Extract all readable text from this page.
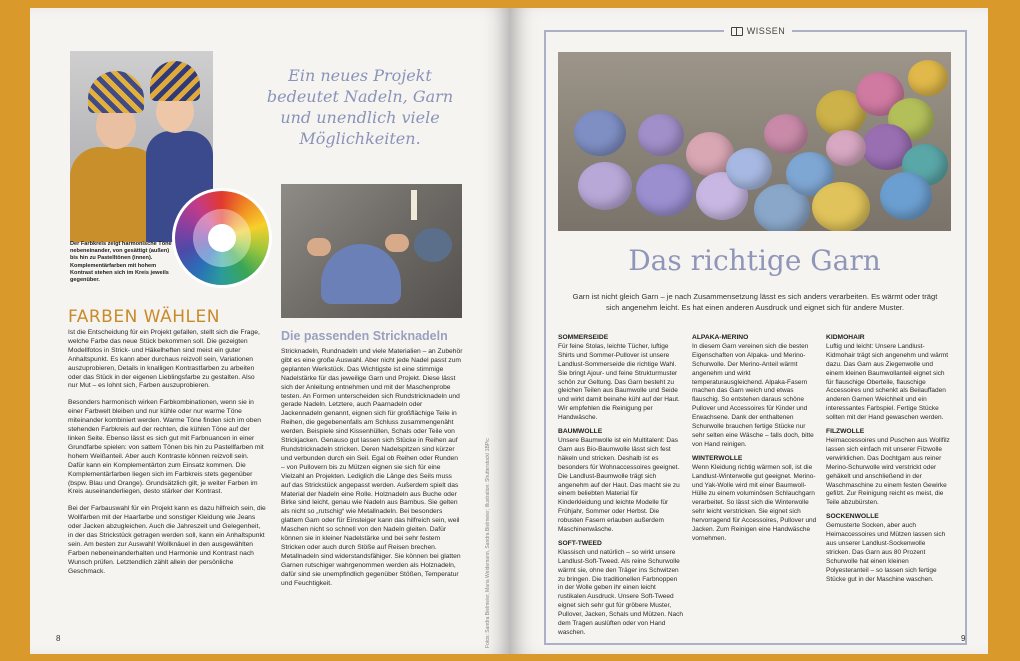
Der Farbkreis zeigt harmonische Töne nebeneinander, von gesättigt (außen) bis hin zu Pastelltönen (innen). Komplementärfarben mit hohem Kontrast stehen sich im Kreis jeweils gegenüber.
Ein neues Projekt bedeutet Nadeln, Garn und unendlich viele Möglichkeiten.
FARBEN WÄHLEN

Ist die Entscheidung für ein Projekt gefallen, stellt sich die Frage, welche Farbe das neue Stück bekommen soll. Die gezeigten Modellfotos in Strick- und Häkelheften sind meist ein guter Anhaltspunkt. Es kann aber durchaus reizvoll sein, Variationen auszuprobieren, Details in knalligen Kontrastfarben zu arbeiten oder das Stück in der eigenen Lieblingsfarbe zu gestalten. Also nur Mut – es lohnt sich, Farben auszuprobieren.

Besonders harmonisch wirken Farbkombinationen, wenn sie in einer Farbwelt bleiben und nur kühle oder nur warme Töne miteinander kombiniert werden. Warme Töne finden sich im oben stehenden Farbkreis auf der rechten, die kühlen Töne auf der linken Seite. Ebenso lässt es sich gut mit Farbnuancen in einer Grundfarbe spielen: von sattem Tönen bis hin zu Pastellfarben mit hohem Weißanteil. Aber auch Kontraste können reizvoll sein. Dafür kann ein Komplementärton zum Einsatz kommen. Die Komplementärfarben liegen sich im Farbkreis stets gegenüber (bspw. Blau und Orange). Grundsätzlich gilt, je weiter Farben im Kreis auseinanderliegen, desto stärker der Kontrast.

Bei der Farbauswahl für ein Projekt kann es dazu hilfreich sein, die Wollfarben mit der Haarfarbe und sonstiger Kleidung wie Jeans oder Jacken abzugleichen. Auch die Jahreszeit und Gelegenheit, in der das Strickstück getragen werden soll, kann ein Anhaltspunkt sein. Am besten zur Auswahl! Wollknäuel in den ausgewählten Farben nebeneinanderhalten und Harmonie und Kontrast nach Wunsch prüfen. Letztendlich zählt allein der persönliche Geschmack.

Die passenden Stricknadeln

Stricknadeln, Rundnadeln und viele Materialien – an Zubehör gibt es eine große Auswahl. Aber nicht jede Nadel passt zum geplanten Werkstück. Das Wichtigste ist eine stimmige Nadelstärke für das jeweilige Garn und Projekt. Diese lässt sich der Anleitung entnehmen und mit der Maschenprobe testen. An Formen unterscheiden sich Rundstricknadeln und gerade Nadeln. Letztere, auch Paarnadeln oder Jackennadeln genannt, eignen sich für großflächige Teile in Reihen, die gegebenenfalls am Schluss zusammengenäht werden. Beispiele sind Kissenhüllen, Schals oder Teile von Strickjacken. Genauso gut lassen sich Stücke in Reihen auf Rundstricknadeln stricken. Deren Nadelspitzen sind kürzer und verbunden durch ein Seil. Egal ob Reihen oder Runden – von Pullovern bis zu Mützen eignen sie sich für eine Vielzahl an Projekten. Lediglich die Länge des Seils muss auf das Strickstück angepasst werden. Außerdem spielt das Material der Nadeln eine Rolle. Holznadeln aus Buche oder Birke sind leicht, genau wie Nadeln aus Bambus. Sie gelten als nicht so „rutschig“ wie Metallnadeln. Bei besonders glattem Garn oder für Einsteiger kann das hilfreich sein, weil Maschen nicht so schnell von den Nadeln gleiten. Dafür können sie in kleiner Nadelstärke und bei sehr festem Stricken oder auch durch Stöße auf Reisen brechen. Metallnadeln sind widerstandsfähiger. Sie können bei glatten Garnen rutschiger wahrgenommen werden als Holznadeln, dafür sind sie unempfindlich gegenüber Stößen, Temperatur und Feuchtigkeit.	Fotos: Sandra Bielmeier, Maria Weidemann, Sandra Bielmeier; Illustration: Shutterstock/ 1BPic
8
WISSEN
Das richtige Garn
Garn ist nicht gleich Garn – je nach Zusammensetzung lässt es sich anders verarbeiten. Es wärmt oder trägt sich angenehm leicht. Es hat einen anderen Ausdruck und eignet sich für andere Muster.
SOMMERSEIDE

Für feine Stolas, leichte Tücher, luftige Shirts und Sommer-Pullover ist unsere Landlust-Sommerseide die richtige Wahl. Sie bringt Ajour- und feine Strukturmuster schön zur Geltung. Das Garn besteht zu gleichen Teilen aus Baumwolle und Seide und wirkt damit beinahe kühl auf der Haut. Wir empfehlen die Reinigung per Handwäsche.

BAUMWOLLE

Unsere Baumwolle ist ein Multitalent: Das Garn aus Bio-Baumwolle lässt sich fest häkeln und stricken. Deshalb ist es besonders für Wohnaccessoires geeignet. Die Landlust-Baumwolle trägt sich angenehm auf der Haut. Das macht sie zu einem beliebten Material für Kinderkleidung und leichte Modelle für Frühjahr, Sommer oder Herbst. Die robusten Fasern erlauben außerdem Maschinenwäsche.

SOFT-TWEED

Klassisch und natürlich – so wirkt unsere Landlust-Soft-Tweed. Als reine Schurwolle wärmt sie, ohne den Träger ins Schwitzen zu bringen. Die traditionellen Farbnoppen in der Wolle geben ihr einen leicht rustikalen Ausdruck. Unsere Soft-Tweed eignet sich sehr gut für gröbere Muster, Pullover, Jacken, Schals und Mützen. Nach dem Tragen auslüften oder von Hand waschen.

ALPAKA-MERINO

In diesem Garn vereinen sich die besten Eigenschaften von Alpaka- und Merino-Schurwolle. Der Merino-Anteil wärmt angenehm und wirkt temperaturausgleichend. Alpaka-Fasern machen das Garn weich und etwas flauschig. So entstehen daraus schöne Pullover und Accessoires für Kinder und Erwachsene. Dank der enthaltenen Schurwolle brauchen fertige Stücke nur sehr selten eine Wäsche – falls doch, bitte von Hand reinigen.

WINTERWOLLE

Wenn Kleidung richtig wärmen soll, ist die Landlust-Winterwolle gut geeignet. Merino- und Yak-Wolle wird mit einer Baumwoll-Hülle zu einem voluminösen Schlauchgarn verarbeitet. So lässt sich die Winterwolle sehr leicht verstricken. Sie eignet sich hervorragend für Accessoires, Pullover und Jacken. Zum Reinigen eine Handwäsche vornehmen.

KIDMOHAIR

Luftig und leicht: Unsere Landlust-Kidmohair trägt sich angenehm und wärmt dazu. Das Garn aus Ziegenwolle und einem kleinen Baumwollanteil eignet sich für flauschige Oberteile, flauschige Accessoires und schenkt als Beilauffaden anderen Garnen Weichheit und ein interessantes Farbspiel. Fertige Stücke sollten mit der Hand gewaschen werden.

FILZWOLLE

Heimaccessoires und Puschen aus Wollfilz lassen sich einfach mit unserer Filzwolle verwirklichen. Das Dochtgarn aus reiner Merino-Schurwolle wird verstrickt oder gehäkelt und anschließend in der Waschmaschine zu einem festen Gewirke gefilzt. Zur Reinigung reicht es meist, die Teile abzubürsten.

SOCKENWOLLE

Gemusterte Socken, aber auch Heimaccessoires und Mützen lassen sich aus unserer Landlust-Sockenwolle stricken. Das Garn aus 80 Prozent Schurwolle hat einen kleinen Polyesteranteil – so lassen sich fertige Stücke gut in der Maschine waschen.

9
